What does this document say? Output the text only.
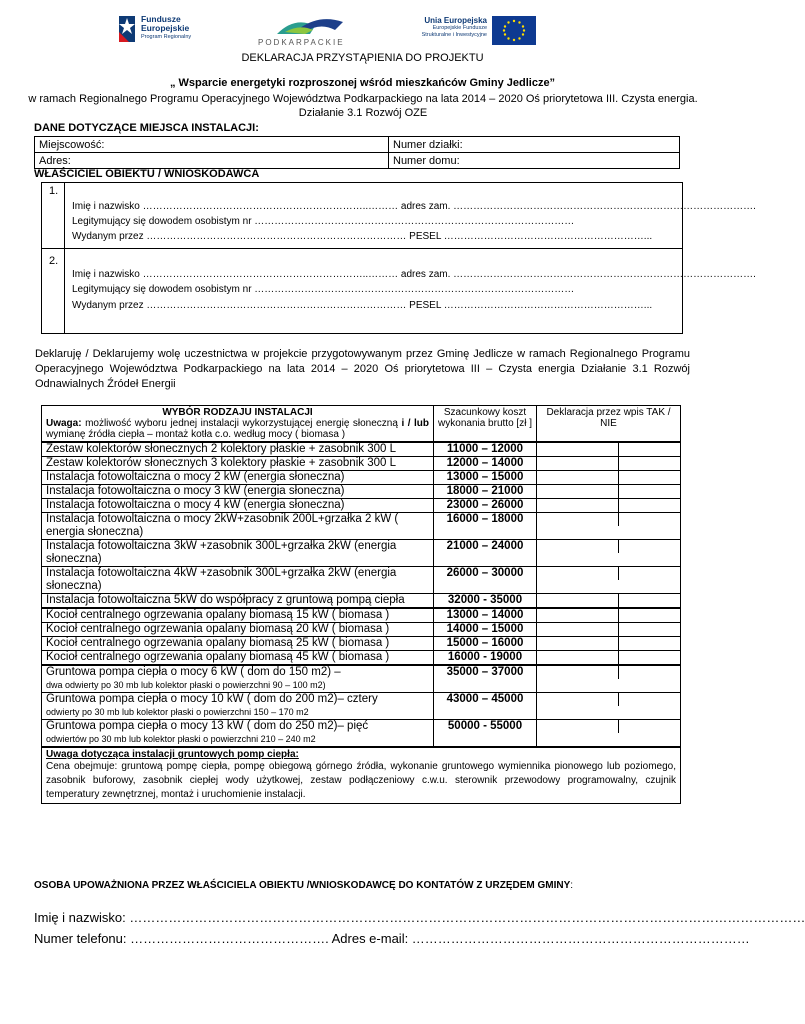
Fundusze
Europejskie
Program Regionalny
PODKARPACKIE
Unia Europejska
Europejskie Fundusze
Strukturalne i Inwestycyjne
DEKLARACJA PRZYSTĄPIENIA DO PROJEKTU
„ Wsparcie energetyki rozproszonej wśród mieszkańców Gminy Jedlicze”
w ramach Regionalnego Programu Operacyjnego Województwa Podkarpackiego na lata 2014 – 2020 Oś priorytetowa III. Czysta energia. Działanie 3.1 Rozwój OZE
DANE DOTYCZĄCE MIEJSCA INSTALACJI:
Miejscowość:	Numer działki:
Adres:	Numer domu:
WŁAŚCICIEL OBIEKTU / WNIOSKODAWCA
1.
Imię i nazwisko …………………………………………………………..……… adres zam. ……………………………………………………………………………….
Legitymujący się dowodem osobistym nr ……………………………………………………………………………………
Wydanym przez …………………………………………………………………… PESEL ……………………………………………………...
2.
Imię i nazwisko …………………………………………………………..……… adres zam. ……………………………………………………………………………….
Legitymujący się dowodem osobistym nr ……………………………………………………………………………………
Wydanym przez …………………………………………………………………… PESEL ……………………………………………………...
Deklaruję / Deklarujemy wolę uczestnictwa w projekcie przygotowywanym przez Gminę Jedlicze w ramach Regionalnego Programu Operacyjnego Województwa Podkarpackiego na lata 2014 – 2020 Oś priorytetowa III – Czysta energia Działanie 3.1 Rozwój Odnawialnych Źródeł Energii
WYBÓR RODZAJU INSTALACJI
Uwaga: możliwość wyboru jednej instalacji wykorzystującej energię słoneczną i / lub wymianę źródła ciepła – montaż kotła c.o. według mocy ( biomasa )	Szacunkowy koszt wykonania brutto [zł ]	Deklaracja przez wpis TAK / NIE

Zestaw kolektorów słonecznych 2 kolektory płaskie + zasobnik 300 L	11000 – 12000	

Zestaw kolektorów słonecznych 3 kolektory płaskie + zasobnik 300 L	12000 – 14000	

Instalacja fotowoltaiczna o mocy 2 kW (energia słoneczna)	13000 – 15000	

Instalacja fotowoltaiczna o mocy 3 kW (energia słoneczna)	18000 – 21000	

Instalacja fotowoltaiczna o mocy 4 kW (energia słoneczna)	23000 – 26000	

Instalacja fotowoltaiczna o mocy 2kW+zasobnik 200L+grzałka 2 kW ( energia słoneczna)	16000 – 18000	

Instalacja fotowoltaiczna 3kW +zasobnik 300L+grzałka 2kW (energia słoneczna)	21000 – 24000	

Instalacja fotowoltaiczna 4kW +zasobnik 300L+grzałka 2kW (energia słoneczna)	26000 – 30000	

Instalacja fotowoltaiczna 5kW do współpracy z gruntową pompą ciepła	32000 - 35000	

Kocioł centralnego ogrzewania opalany biomasą 15 kW ( biomasa )	13000 – 14000	

Kocioł centralnego ogrzewania opalany biomasą 20 kW ( biomasa )	14000 – 15000	

Kocioł centralnego ogrzewania opalany biomasą 25 kW ( biomasa )	15000 – 16000	

Kocioł centralnego ogrzewania opalany biomasą 45 kW ( biomasa )	16000 - 19000	

Gruntowa pompa ciepła o mocy 6 kW ( dom do 150 m2) –
dwa odwierty po 30 mb lub kolektor płaski o powierzchni 90 – 100 m2)	35000 – 37000	

Gruntowa pompa ciepła o mocy 10 kW ( dom do 200 m2)– cztery
odwierty po 30 mb lub kolektor płaski o powierzchni 150 – 170 m2	43000 – 45000	

Gruntowa pompa ciepła o mocy 13 kW ( dom do 250 m2)– pięć
odwiertów po 30 mb lub kolektor płaski o powierzchni 210 – 240 m2	50000 - 55000	

Uwaga dotycząca instalacji gruntowych pomp ciepła:
Cena obejmuje: gruntową pompę ciepła, pompę obiegową górnego źródła, wykonanie gruntowego wymiennika pionowego lub poziomego, zasobnik buforowy, zasobnik ciepłej wody użytkowej, zestaw podłączeniowy c.w.u. sterownik przewodowy programowalny, czujnik temperatury zewnętrznej, montaż i uruchomienie instalacji.		
OSOBA UPOWAŻNIONA PRZEZ WŁAŚCICIELA OBIEKTU /WNIOSKODAWCĘ DO KONTATÓW Z URZĘDEM GMINY:
Imię i nazwisko: …………………………………………………………………………………………………………………………………………
Numer telefonu: ………………………………………. Adres e-mail: ……………………………………………………………………
